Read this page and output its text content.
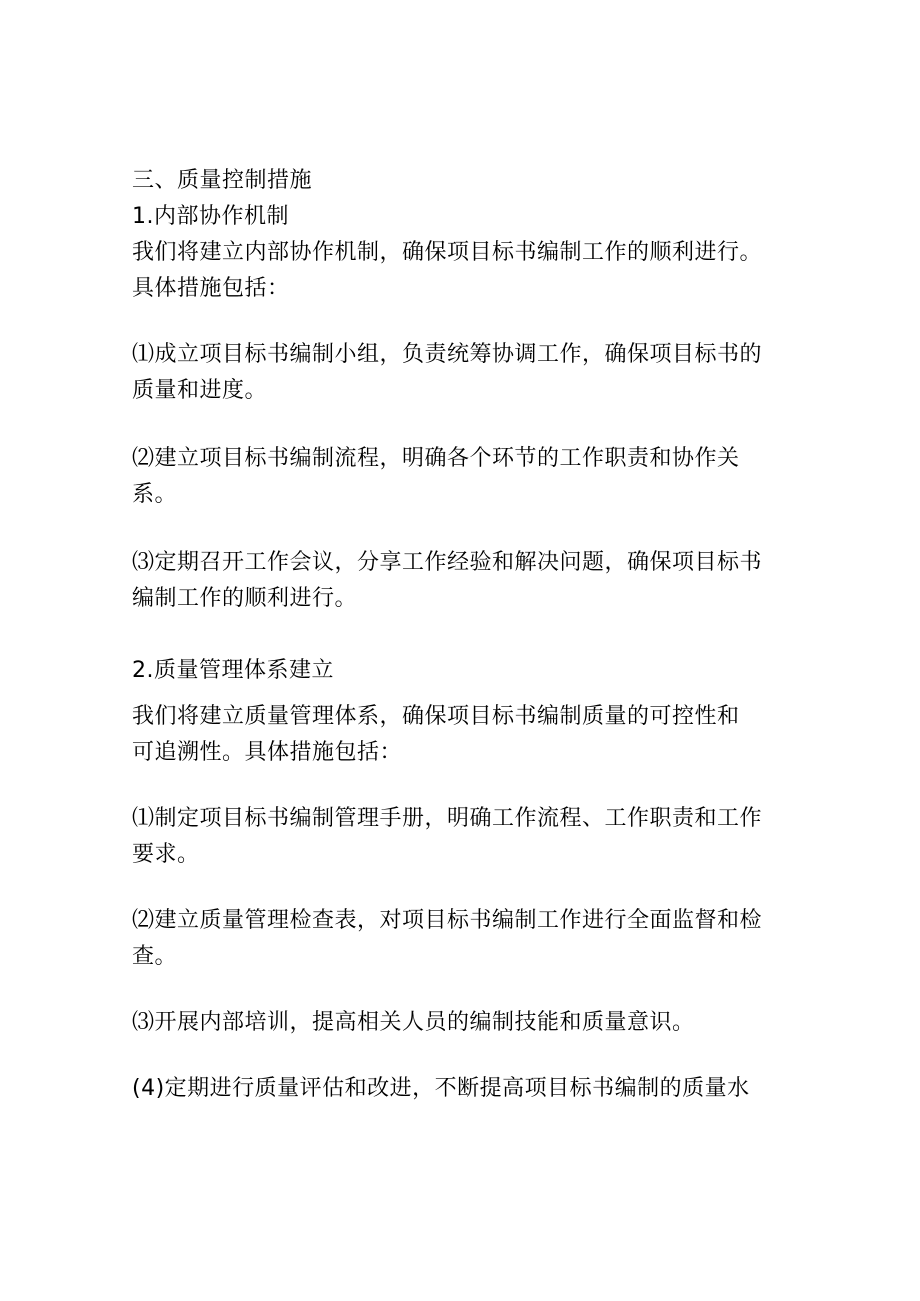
三、质量控制措施
1.内部协作机制
我们将建立内部协作机制，确保项目标书编制工作的顺利进行。
具体措施包括：
⑴成立项目标书编制小组，负责统筹协调工作，确保项目标书的
质量和进度。
⑵建立项目标书编制流程，明确各个环节的工作职责和协作关
系。
⑶定期召开工作会议，分享工作经验和解决问题，确保项目标书
编制工作的顺利进行。
2.质量管理体系建立
我们将建立质量管理体系，确保项目标书编制质量的可控性和
可追溯性。具体措施包括：
⑴制定项目标书编制管理手册，明确工作流程、工作职责和工作
要求。
⑵建立质量管理检查表，对项目标书编制工作进行全面监督和检
查。
⑶开展内部培训，提高相关人员的编制技能和质量意识。
(4)定期进行质量评估和改进，不断提高项目标书编制的质量水
